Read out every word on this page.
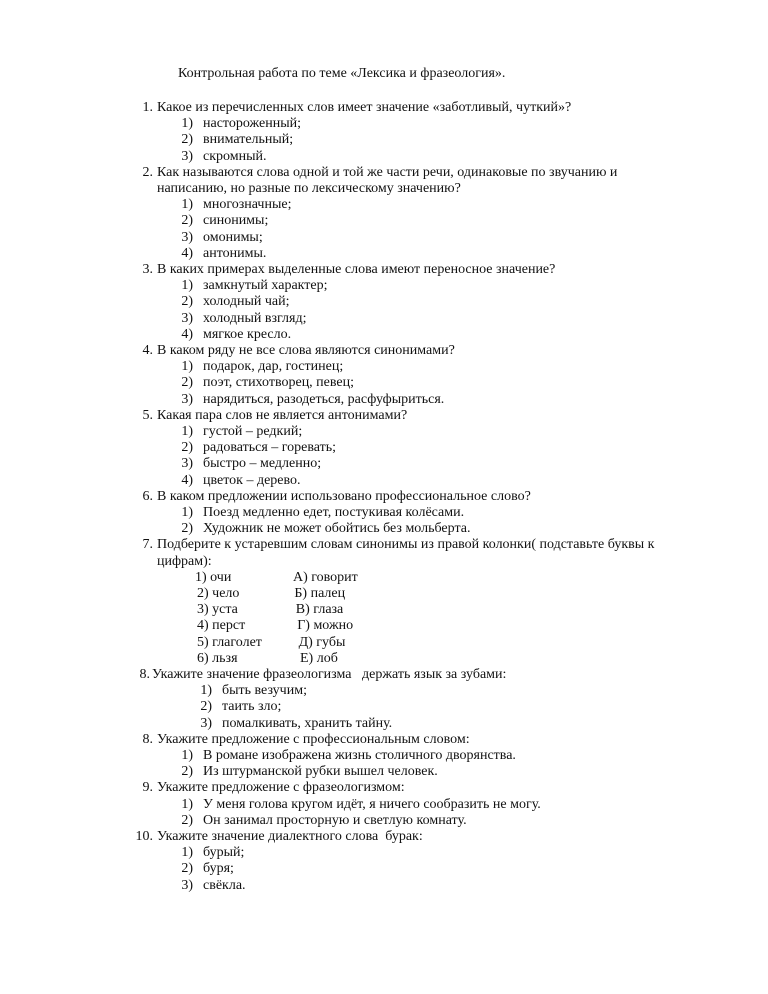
Контрольная работа по теме «Лексика и фразеология».
1. Какое из перечисленных слов имеет значение «заботливый, чуткий»?
1) настороженный;
2) внимательный;
3) скромный.
2. Как называются слова одной и той же части речи, одинаковые по звучанию и
написанию, но разные по лексическому значению?
1) многозначные;
2) синонимы;
3) омонимы;
4) антонимы.
3. В каких примерах выделенные слова имеют переносное значение?
1) замкнутый характер;
2) холодный чай;
3) холодный взгляд;
4) мягкое кресло.
4. В каком ряду не все слова являются синонимами?
1) подарок, дар, гостинец;
2) поэт, стихотворец, певец;
3) нарядиться, разодеться, расфуфыриться.
5. Какая пара слов не является антонимами?
1) густой – редкий;
2) радоваться – горевать;
3) быстро – медленно;
4) цветок – дерево.
6. В каком предложении использовано профессиональное слово?
1) Поезд медленно едет, постукивая колёсами.
2) Художник не может обойтись без мольберта.
7. Подберите к устаревшим словам синонимы из правой колонки( подставьте буквы к
цифрам):
1) очи	А) говорит
2) чело	Б) палец
3) уста	В) глаза
4) перст	Г) можно
5) глаголет	Д) губы
6) льзя	Е) лоб
8. Укажите значение фразеологизма   держать язык за зубами:
1) быть везучим;
2) таить зло;
3) помалкивать, хранить тайну.
8. Укажите предложение с профессиональным словом:
1) В романе изображена жизнь столичного дворянства.
2) Из штурманской рубки вышел человек.
9. Укажите предложение с фразеологизмом:
1) У меня голова кругом идёт, я ничего сообразить не могу.
2) Он занимал просторную и светлую комнату.
10. Укажите значение диалектного слова  бурак:
1) бурый;
2) буря;
3) свёкла.
